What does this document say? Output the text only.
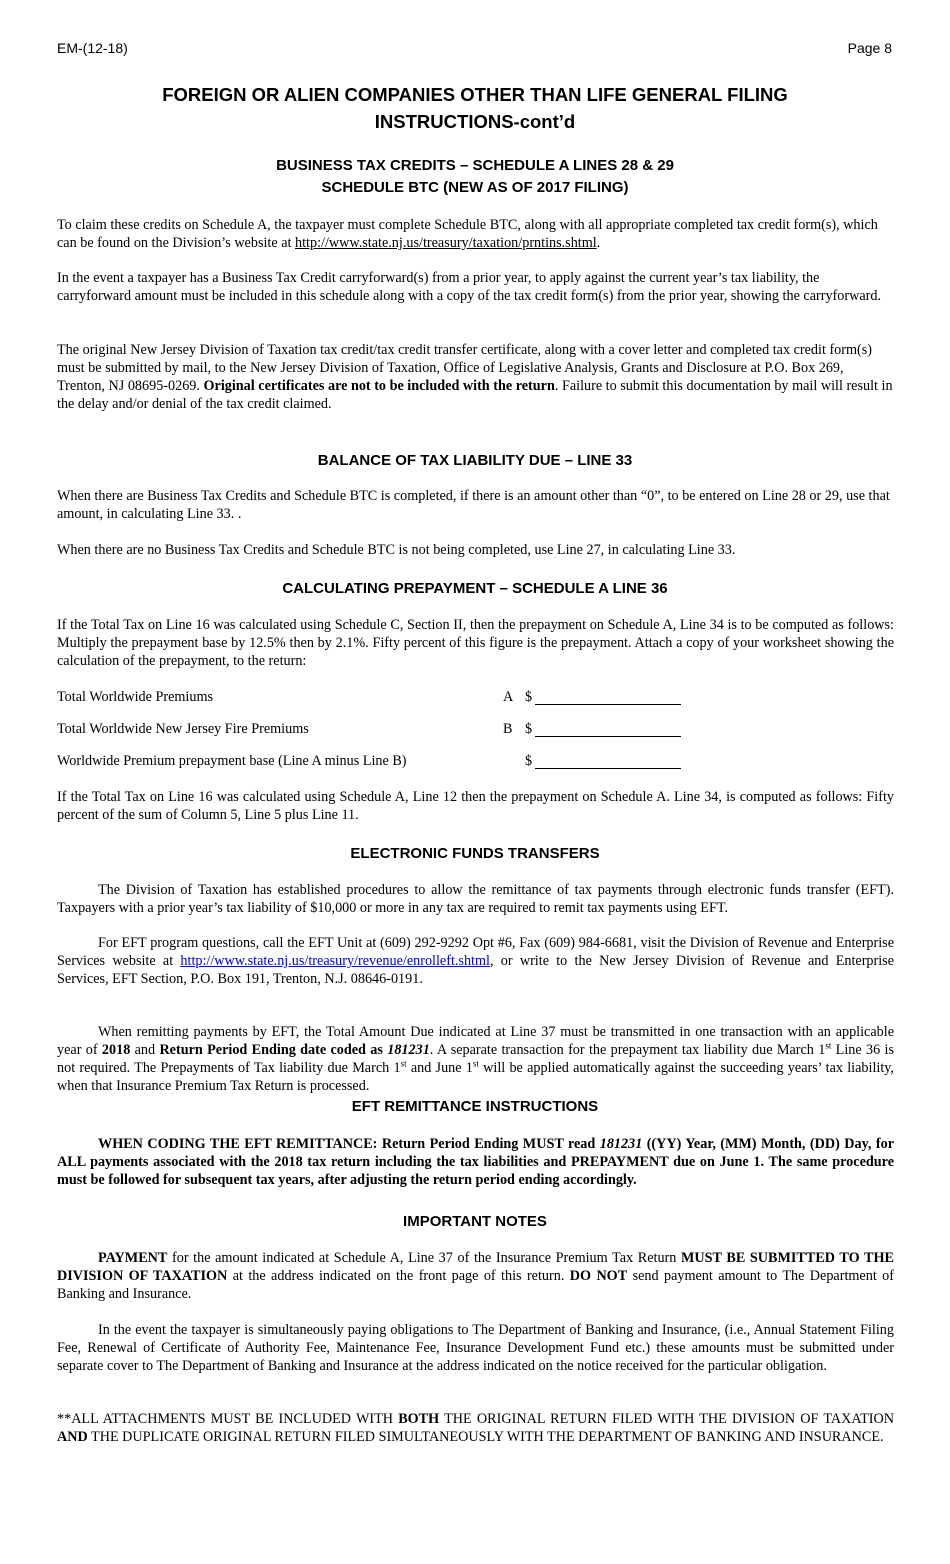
EM-(12-18)	Page 8
FOREIGN OR ALIEN COMPANIES OTHER THAN LIFE GENERAL FILING
INSTRUCTIONS-cont’d
BUSINESS TAX CREDITS – SCHEDULE A LINES 28 & 29
SCHEDULE BTC (NEW AS OF 2017 FILING)

To claim these credits on Schedule A, the taxpayer must complete Schedule BTC, along with all appropriate completed tax credit form(s), which can be found on the Division’s website at http://www.state.nj.us/treasury/taxation/prntins.shtml.

In the event a taxpayer has a Business Tax Credit carryforward(s) from a prior year, to apply against the current year’s tax liability, the carryforward amount must be included in this schedule along with a copy of the tax credit form(s) from the prior year, showing the carryforward.

The original New Jersey Division of Taxation tax credit/tax credit transfer certificate, along with a cover letter and completed tax credit form(s) must be submitted by mail, to the New Jersey Division of Taxation, Office of Legislative Analysis, Grants and Disclosure at P.O. Box 269, Trenton, NJ 08695-0269. Original certificates are not to be included with the return. Failure to submit this documentation by mail will result in the delay and/or denial of the tax credit claimed.

BALANCE OF TAX LIABILITY DUE – LINE 33

When there are Business Tax Credits and Schedule BTC is completed, if there is an amount other than “0”, to be entered on Line 28 or 29, use that amount, in calculating Line 33. .

When there are no Business Tax Credits and Schedule BTC is not being completed, use Line 27, in calculating Line 33.

CALCULATING PREPAYMENT – SCHEDULE A LINE 36

If the Total Tax on Line 16 was calculated using Schedule C, Section II, then the prepayment on Schedule A, Line 34 is to be computed as follows: Multiply the prepayment base by 12.5% then by 2.1%. Fifty percent of this figure is the prepayment. Attach a copy of your worksheet showing the calculation of the prepayment, to the return:

Total Worldwide Premiums	A $
Total Worldwide New Jersey Fire Premiums	B $
Worldwide Premium prepayment base (Line A minus Line B)	$

If the Total Tax on Line 16 was calculated using Schedule A, Line 12 then the prepayment on Schedule A. Line 34, is computed as follows: Fifty percent of the sum of Column 5, Line 5 plus Line 11.

ELECTRONIC FUNDS TRANSFERS

The Division of Taxation has established procedures to allow the remittance of tax payments through electronic funds transfer (EFT). Taxpayers with a prior year’s tax liability of $10,000 or more in any tax are required to remit tax payments using EFT.

For EFT program questions, call the EFT Unit at (609) 292-9292 Opt #6, Fax (609) 984-6681, visit the Division of Revenue and Enterprise Services website at http://www.state.nj.us/treasury/revenue/enrolleft.shtml, or write to the New Jersey Division of Revenue and Enterprise Services, EFT Section, P.O. Box 191, Trenton, N.J. 08646-0191.

When remitting payments by EFT, the Total Amount Due indicated at Line 37 must be transmitted in one transaction with an applicable year of 2018 and Return Period Ending date coded as 181231. A separate transaction for the prepayment tax liability due March 1st Line 36 is not required. The Prepayments of Tax liability due March 1st and June 1st will be applied automatically against the succeeding years’ tax liability, when that Insurance Premium Tax Return is processed.

EFT REMITTANCE INSTRUCTIONS

WHEN CODING THE EFT REMITTANCE: Return Period Ending MUST read 181231 ((YY) Year, (MM) Month, (DD) Day, for ALL payments associated with the 2018 tax return including the tax liabilities and PREPAYMENT due on June 1. The same procedure must be followed for subsequent tax years, after adjusting the return period ending accordingly.

IMPORTANT NOTES

PAYMENT for the amount indicated at Schedule A, Line 37 of the Insurance Premium Tax Return MUST BE SUBMITTED TO THE DIVISION OF TAXATION at the address indicated on the front page of this return. DO NOT send payment amount to The Department of Banking and Insurance.

In the event the taxpayer is simultaneously paying obligations to The Department of Banking and Insurance, (i.e., Annual Statement Filing Fee, Renewal of Certificate of Authority Fee, Maintenance Fee, Insurance Development Fund etc.) these amounts must be submitted under separate cover to The Department of Banking and Insurance at the address indicated on the notice received for the particular obligation.

**ALL ATTACHMENTS MUST BE INCLUDED WITH BOTH THE ORIGINAL RETURN FILED WITH THE DIVISION OF TAXATION AND THE DUPLICATE ORIGINAL RETURN FILED SIMULTANEOUSLY WITH THE DEPARTMENT OF BANKING AND INSURANCE.
